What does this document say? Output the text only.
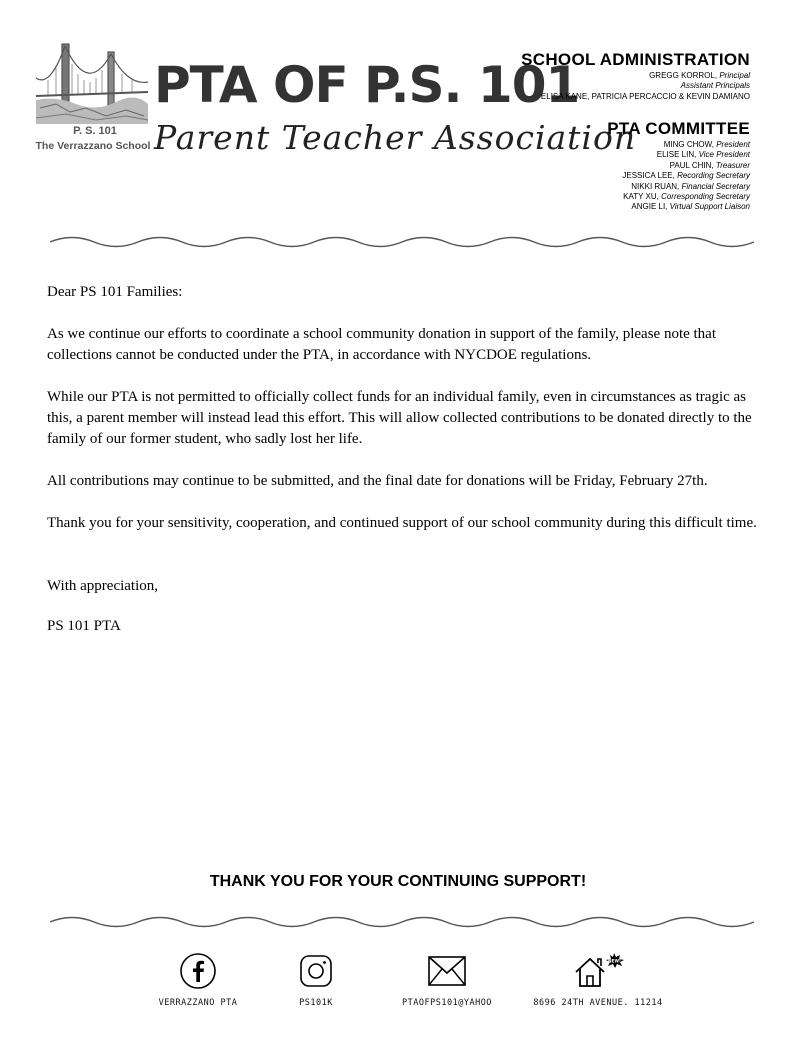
P. S. 101
The Verrazzano School
PTA OF P.S. 101
Parent Teacher Association
SCHOOL ADMINISTRATION
GREGG KORROL, Principal
Assistant Principals
ELISA KANE, PATRICIA PERCACCIO & KEVIN DAMIANO
PTA COMMITTEE
MING CHOW, President
ELISE LIN, Vice President
PAUL CHIN, Treasurer
JESSICA LEE, Recording Secretary
NIKKI RUAN, Financial Secretary
KATY XU, Corresponding Secretary
ANGIE LI, Virtual Support Liaison

Dear PS 101 Families:

As we continue our efforts to coordinate a school community donation in support of the family, please note that collections cannot be conducted under the PTA, in accordance with NYCDOE regulations.

While our PTA is not permitted to officially collect funds for an individual family, even in circumstances as tragic as this, a parent member will instead lead this effort. This will allow collected contributions to be donated directly to the family of our former student, who sadly lost her life.

All contributions may continue to be submitted, and the final date for donations will be Friday, February 27th.

Thank you for your sensitivity, cooperation, and continued support of our school community during this difficult time.

With appreciation,

PS 101 PTA

THANK YOU FOR YOUR CONTINUING SUPPORT!
VERRAZZANO PTA	PS101K	PTAOFPS101@YAHOO
NEW!
8696 24TH AVENUE. 11214
